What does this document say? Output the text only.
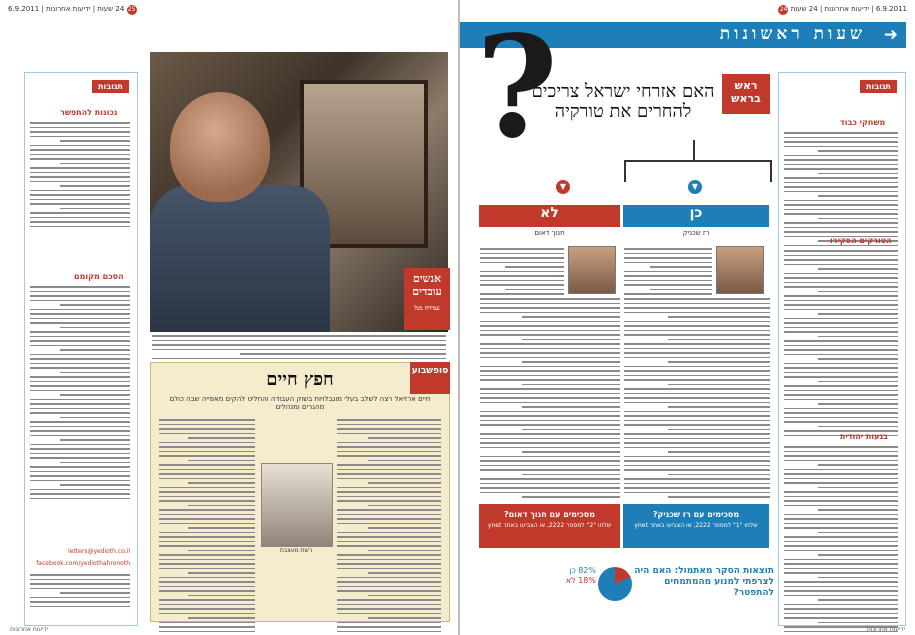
25 24 שעות | ידיעות אחרונות | 6.9.2011	6.9.2011 | ידיעות אחרונות | 24 שעות 24
תגובות
נכונות להתפשר
הסכם מקומם
letters@yedioth.co.il
facebook.com/yediothahronoth
אנשים עובדים
עמירה מגל
סופשבוע
חפץ חיים
חיים ארזיאל רצה לשלב בעלי מוגבלויות בשוק העבודה והחליט להקים מאפייה שבה כולם מהגרים ומנהלים
רשת מעצבת
ידיעות אחרונות
➜
שעות ראשונות
תגובות
משחקי כבוד
הטורקים הפקירו
בגעות יהודית
?	ראש בראש
האם אזרחי ישראל צריכים להחרים את טורקיה
▼
▼
כן
לא
רז שכניק
חנוך דאום
מסכימים עם רז שכניק?
שלחו "1" למספר 2222, או הצביעו באתר ynet
מסכימים עם חנוך דאום?
שלחו "2" למספר 2222, או הצביעו באתר ynet
תוצאות הסקר מאתמול: האם היה לצרפתי למנוע מהמתמחים להתפטר?
82% כן
18% לא
ידיעות אחרונות
